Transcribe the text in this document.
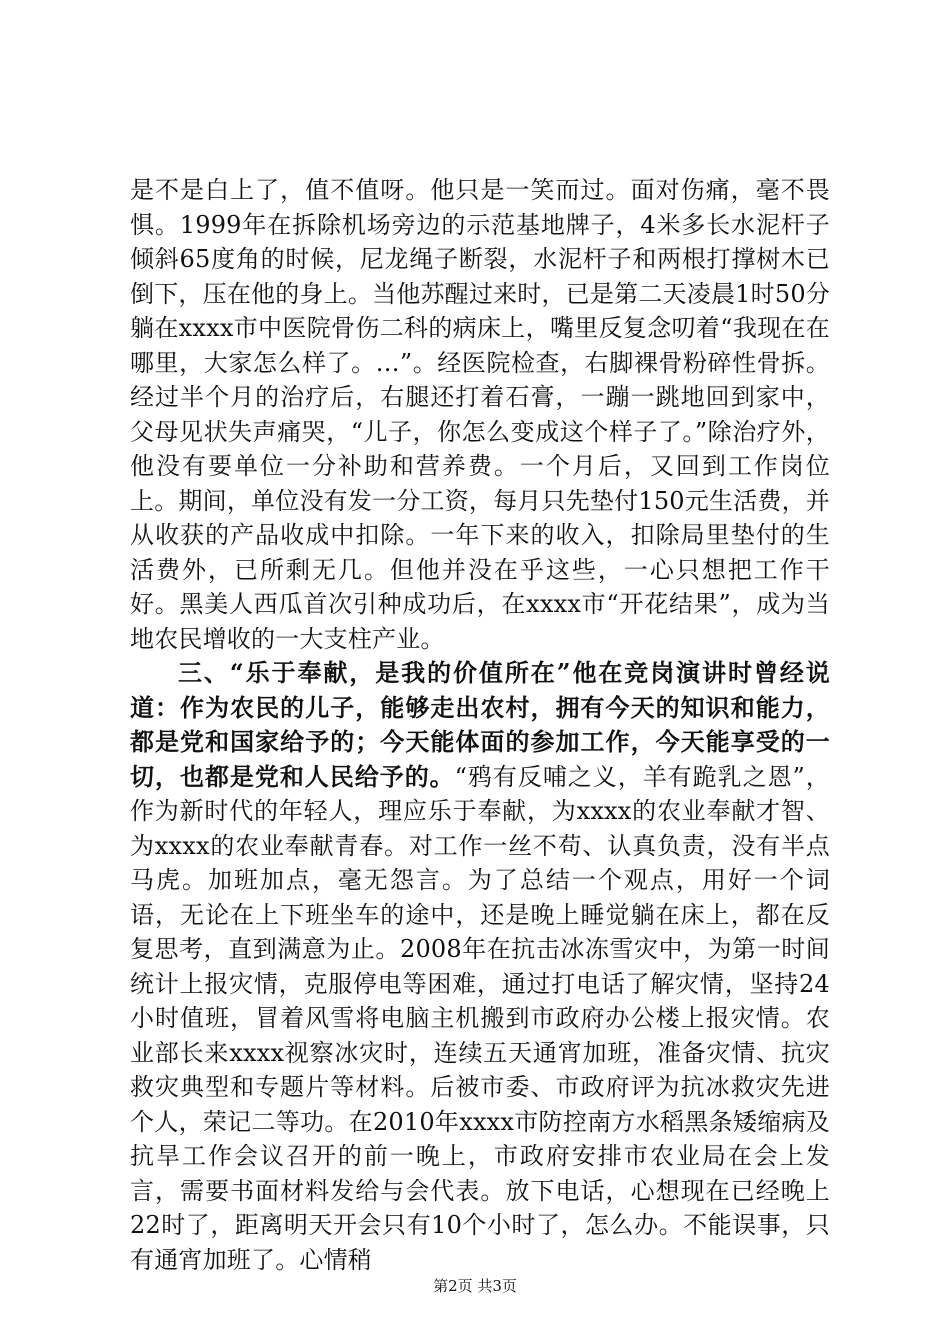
是不是白上了，值不值呀。他只是一笑而过。面对伤痛，毫不畏惧。1999年在拆除机场旁边的示范基地牌子，4米多长水泥杆子倾斜65度角的时候，尼龙绳子断裂，水泥杆子和两根打撑树木已倒下，压在他的身上。当他苏醒过来时，已是第二天凌晨1时50分躺在xxxx市中医院骨伤二科的病床上，嘴里反复念叨着“我现在在哪里，大家怎么样了。…”。经医院检查，右脚裸骨粉碎性骨拆。经过半个月的治疗后，右腿还打着石膏，一蹦一跳地回到家中，父母见状失声痛哭，“儿子，你怎么变成这个样子了。”除治疗外，他没有要单位一分补助和营养费。一个月后，又回到工作岗位上。期间，单位没有发一分工资，每月只先垫付150元生活费，并从收获的产品收成中扣除。一年下来的收入，扣除局里垫付的生活费外，已所剩无几。但他并没在乎这些，一心只想把工作干好。黑美人西瓜首次引种成功后，在xxxx市“开花结果”，成为当地农民增收的一大支柱产业。

三、“乐于奉献，是我的价值所在”他在竞岗演讲时曾经说道：作为农民的儿子，能够走出农村，拥有今天的知识和能力，都是党和国家给予的；今天能体面的参加工作，今天能享受的一切，也都是党和人民给予的。“鸦有反哺之义，羊有跪乳之恩”，作为新时代的年轻人，理应乐于奉献，为xxxx的农业奉献才智、为xxxx的农业奉献青春。对工作一丝不苟、认真负责，没有半点马虎。加班加点，毫无怨言。为了总结一个观点，用好一个词语，无论在上下班坐车的途中，还是晚上睡觉躺在床上，都在反复思考，直到满意为止。2008年在抗击冰冻雪灾中，为第一时间统计上报灾情，克服停电等困难，通过打电话了解灾情，坚持24小时值班，冒着风雪将电脑主机搬到市政府办公楼上报灾情。农业部长来xxxx视察冰灾时，连续五天通宵加班，准备灾情、抗灾救灾典型和专题片等材料。后被市委、市政府评为抗冰救灾先进个人，荣记二等功。在2010年xxxx市防控南方水稻黑条矮缩病及抗旱工作会议召开的前一晚上，市政府安排市农业局在会上发言，需要书面材料发给与会代表。放下电话，心想现在已经晚上22时了，距离明天开会只有10个小时了，怎么办。不能误事，只有通宵加班了。心情稍

第2页 共3页
